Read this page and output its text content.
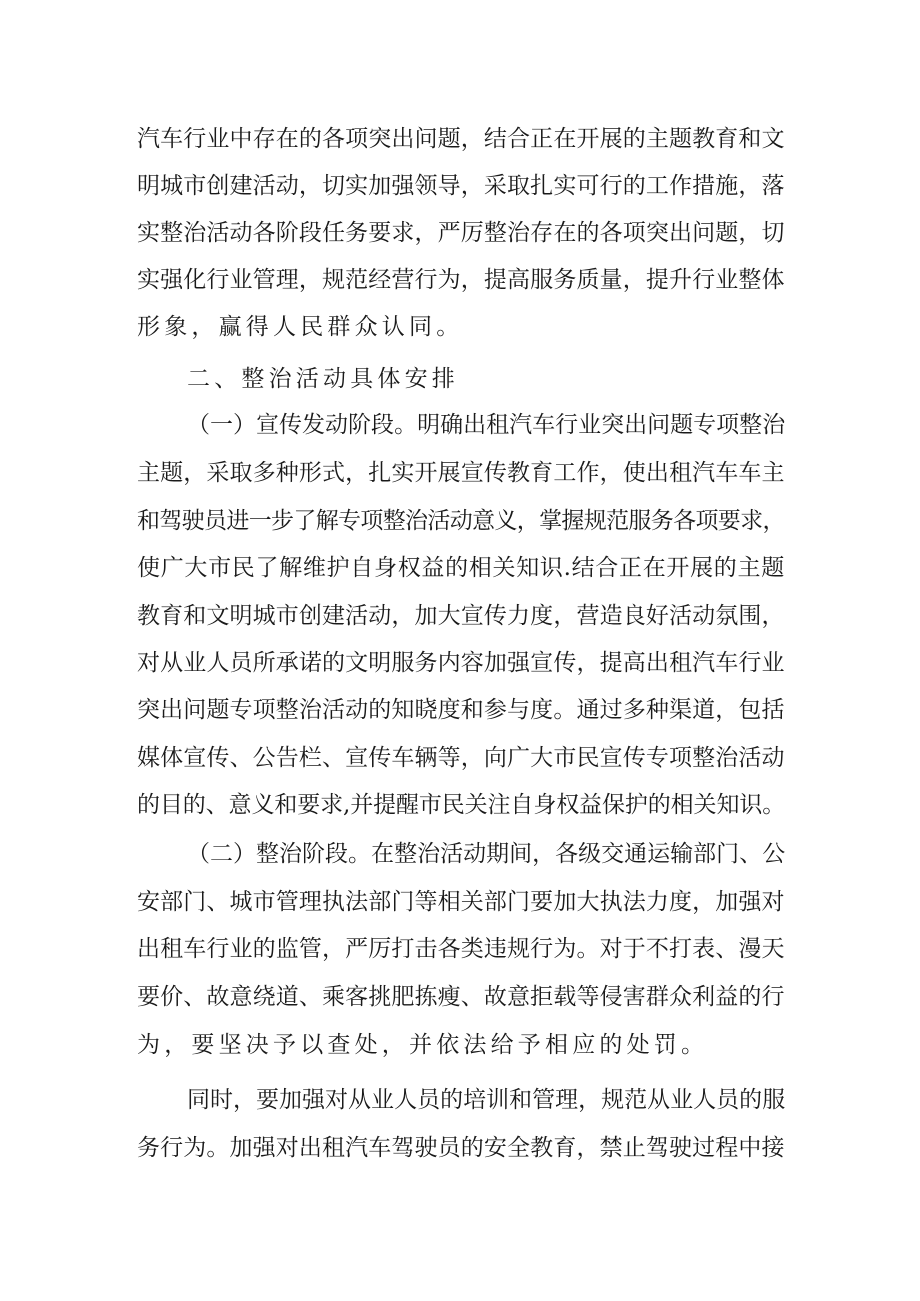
汽车行业中存在的各项突出问题，结合正在开展的主题教育和文
明城市创建活动，切实加强领导，采取扎实可行的工作措施，落
实整治活动各阶段任务要求，严厉整治存在的各项突出问题，切
实强化行业管理，规范经营行为，提高服务质量，提升行业整体
形象，赢得人民群众认同。
二、整治活动具体安排
（一）宣传发动阶段。明确出租汽车行业突出问题专项整治
主题，采取多种形式，扎实开展宣传教育工作，使出租汽车车主
和驾驶员进一步了解专项整治活动意义，掌握规范服务各项要求，
使广大市民了解维护自身权益的相关知识.结合正在开展的主题
教育和文明城市创建活动，加大宣传力度，营造良好活动氛围，
对从业人员所承诺的文明服务内容加强宣传，提高出租汽车行业
突出问题专项整治活动的知晓度和参与度。通过多种渠道，包括
媒体宣传、公告栏、宣传车辆等，向广大市民宣传专项整治活动
的目的、意义和要求,并提醒市民关注自身权益保护的相关知识。
（二）整治阶段。在整治活动期间，各级交通运输部门、公
安部门、城市管理执法部门等相关部门要加大执法力度，加强对
出租车行业的监管，严厉打击各类违规行为。对于不打表、漫天
要价、故意绕道、乘客挑肥拣瘦、故意拒载等侵害群众利益的行
为，要坚决予以查处，并依法给予相应的处罚。
同时，要加强对从业人员的培训和管理，规范从业人员的服
务行为。加强对出租汽车驾驶员的安全教育，禁止驾驶过程中接
